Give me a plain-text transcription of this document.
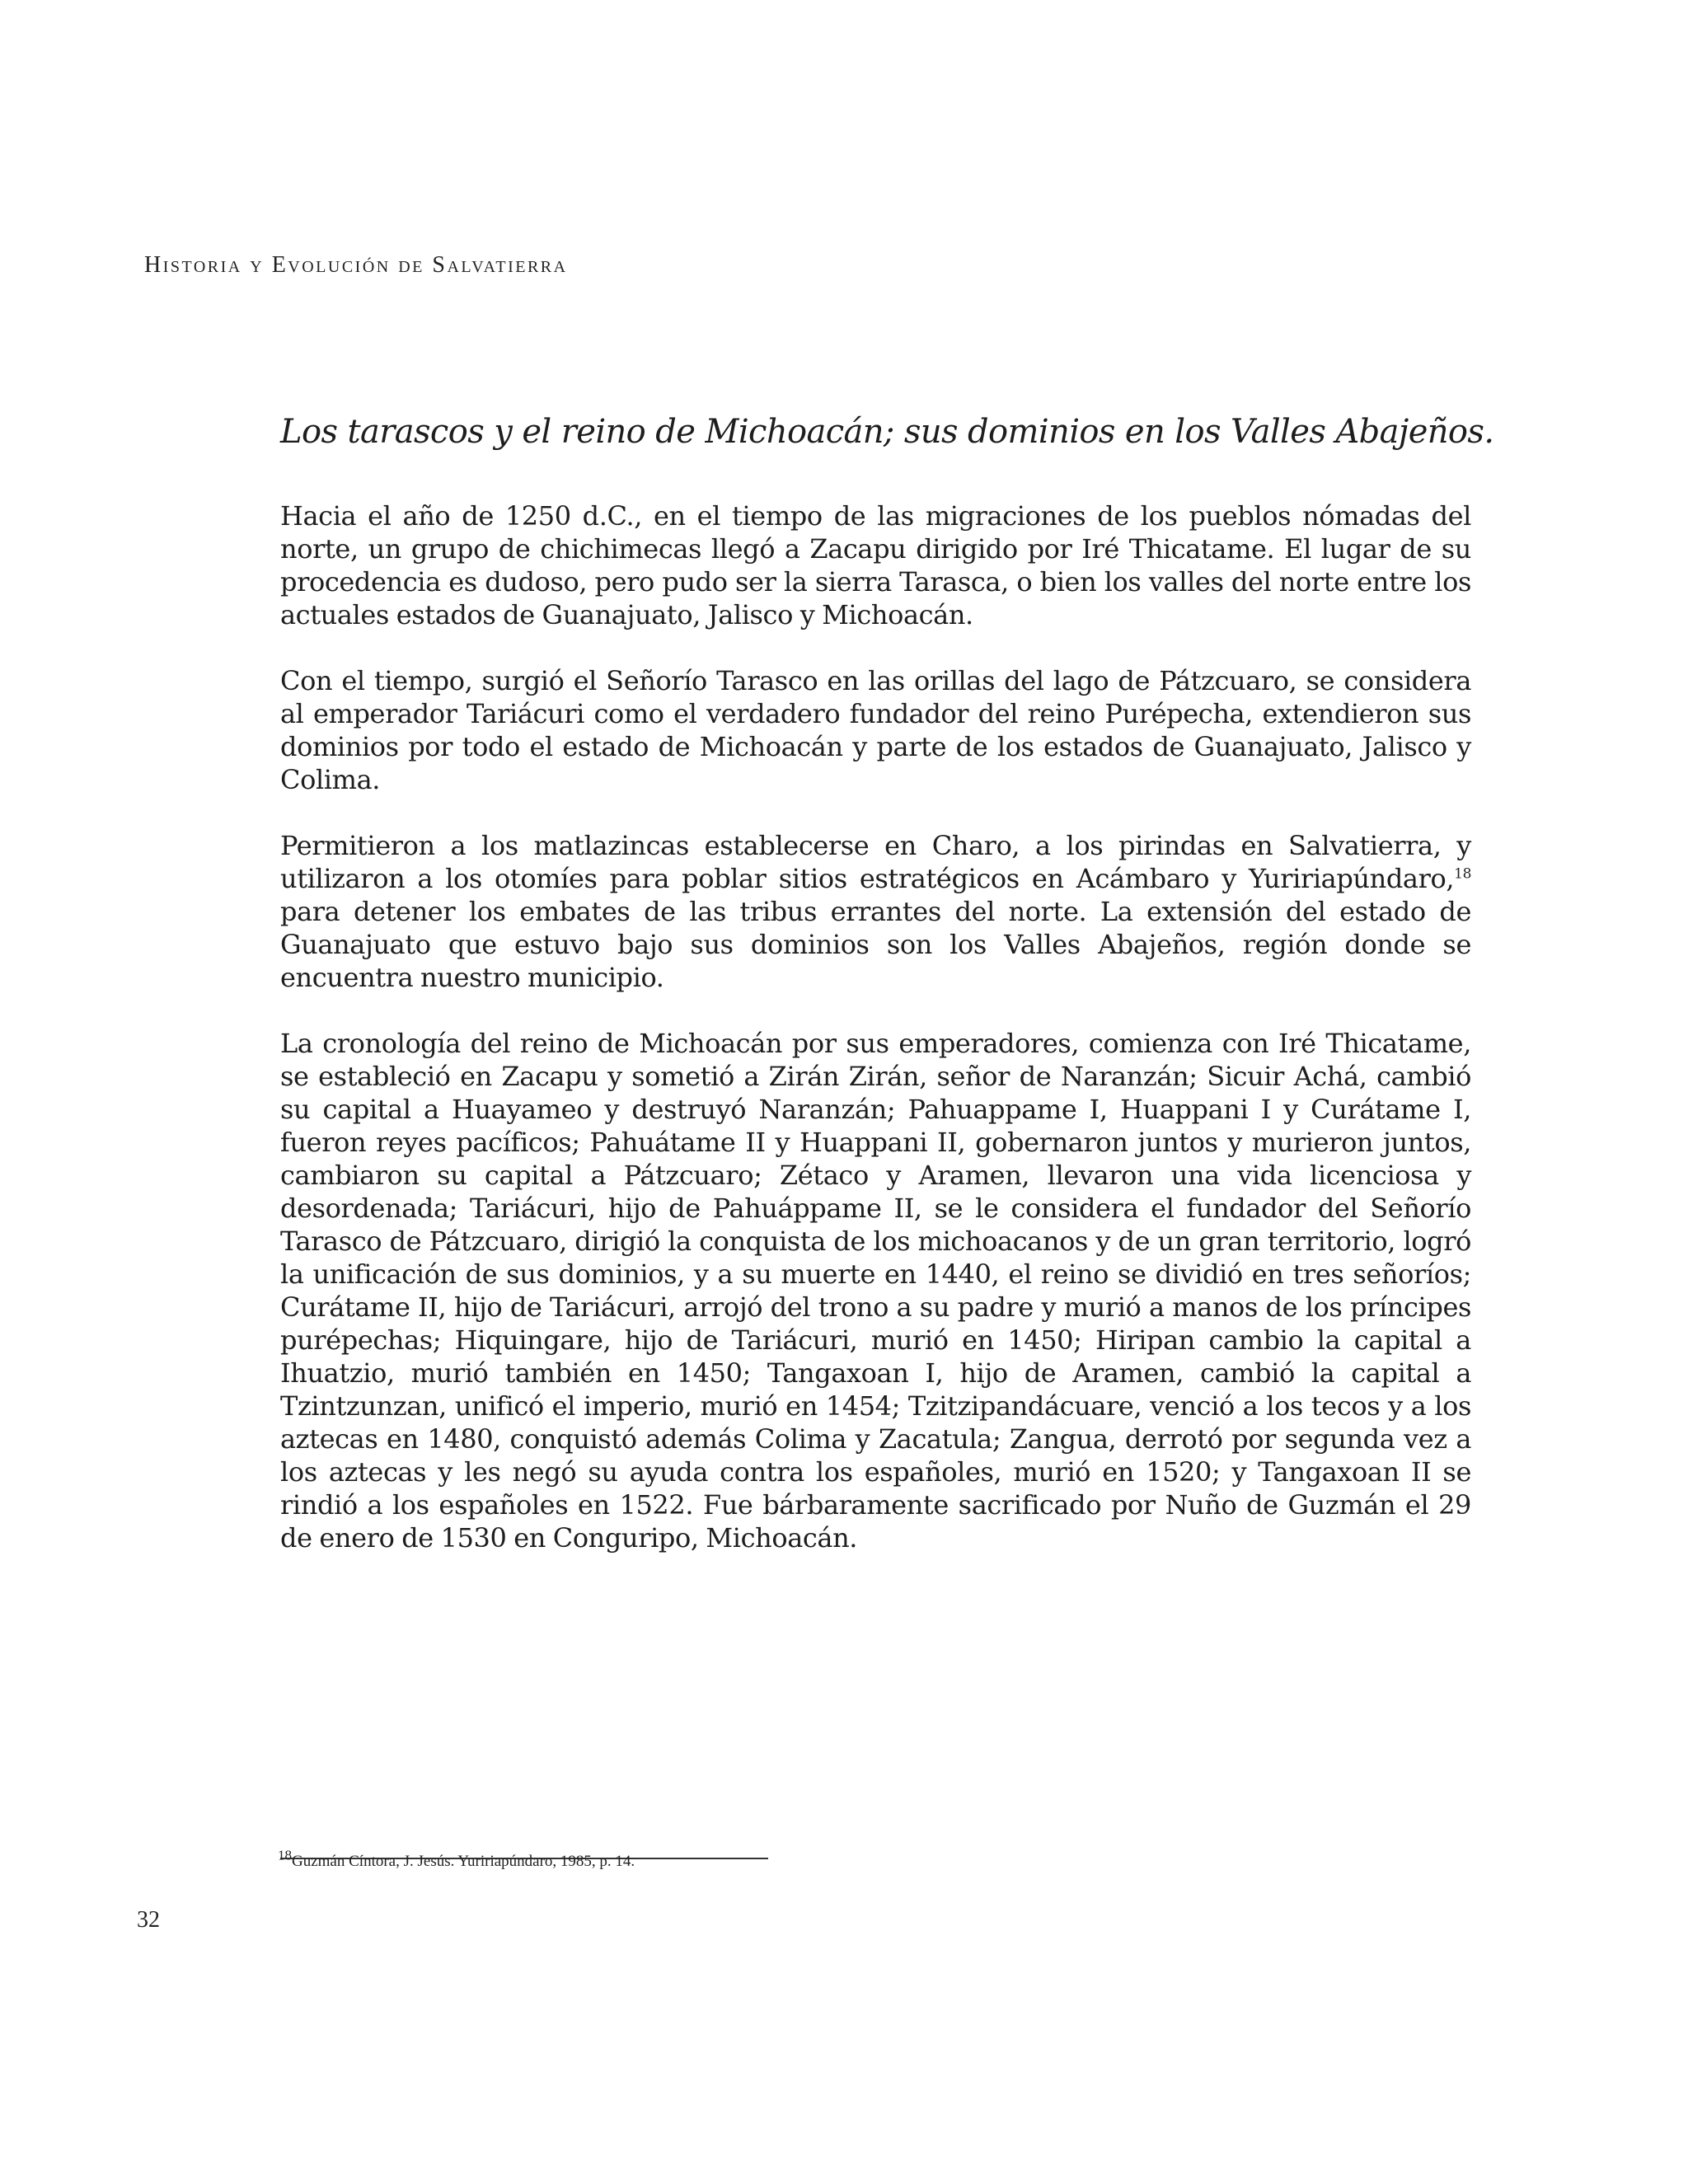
Historia y Evolución de Salvatierra
Los tarascos y el reino de Michoacán; sus dominios en los Valles Abajeños.

Hacia el año de 1250 d.C., en el tiempo de las migraciones de los pueblos nómadas del norte, un grupo de chichimecas llegó a Zacapu dirigido por Iré Thicatame. El lugar de su procedencia es dudoso, pero pudo ser la sierra Tarasca, o bien los valles del norte entre los actuales estados de Guanajuato, Jalisco y Michoacán.

Con el tiempo, surgió el Señorío Tarasco en las orillas del lago de Pátzcuaro, se considera al emperador Tariácuri como el verdadero fundador del reino Purépecha, extendieron sus dominios por todo el estado de Michoacán y parte de los estados de Guanajuato, Jalisco y Colima.

Permitieron a los matlazincas establecerse en Charo, a los pirindas en Salvatierra, y utilizaron a los otomíes para poblar sitios estratégicos en Acámbaro y Yuririapúndaro,$^{18}$ para detener los embates de las tribus errantes del norte. La extensión del estado de Guanajuato que estuvo bajo sus dominios son los Valles Abajeños, región donde se encuentra nuestro municipio.

La cronología del reino de Michoacán por sus emperadores, comienza con Iré Thicatame, se estableció en Zacapu y sometió a Zirán Zirán, señor de Naranzán; Sicuir Achá, cambió su capital a Huayameo y destruyó Naranzán; Pahuappame I, Huappani I y Curátame I, fueron reyes pacíficos; Pahuátame II y Huappani II, gobernaron juntos y murieron juntos, cambiaron su capital a Pátzcuaro; Zétaco y Aramen, llevaron una vida licenciosa y desordenada; Tariácuri, hijo de Pahuáppame II, se le considera el fundador del Señorío Tarasco de Pátzcuaro, dirigió la conquista de los michoacanos y de un gran territorio, logró la unificación de sus dominios, y a su muerte en 1440, el reino se dividió en tres señoríos; Curátame II, hijo de Tariácuri, arrojó del trono a su padre y murió a manos de los príncipes purépechas; Hiquingare, hijo de Tariácuri, murió en 1450; Hiripan cambio la capital a Ihuatzio, murió también en 1450; Tangaxoan I, hijo de Aramen, cambió la capital a Tzintzunzan, unificó el imperio, murió en 1454; Tzitzipandácuare, venció a los tecos y a los aztecas en 1480, conquistó además Colima y Zacatula; Zangua, derrotó por segunda vez a los aztecas y les negó su ayuda contra los españoles, murió en 1520; y Tangaxoan II se rindió a los españoles en 1522. Fue bárbaramente sacrificado por Nuño de Guzmán el 29 de enero de 1530 en Conguripo, Michoacán.

$^{18}$Guzmán Cíntora, J. Jesús. Yuririapúndaro, 1985, p. 14.
32
